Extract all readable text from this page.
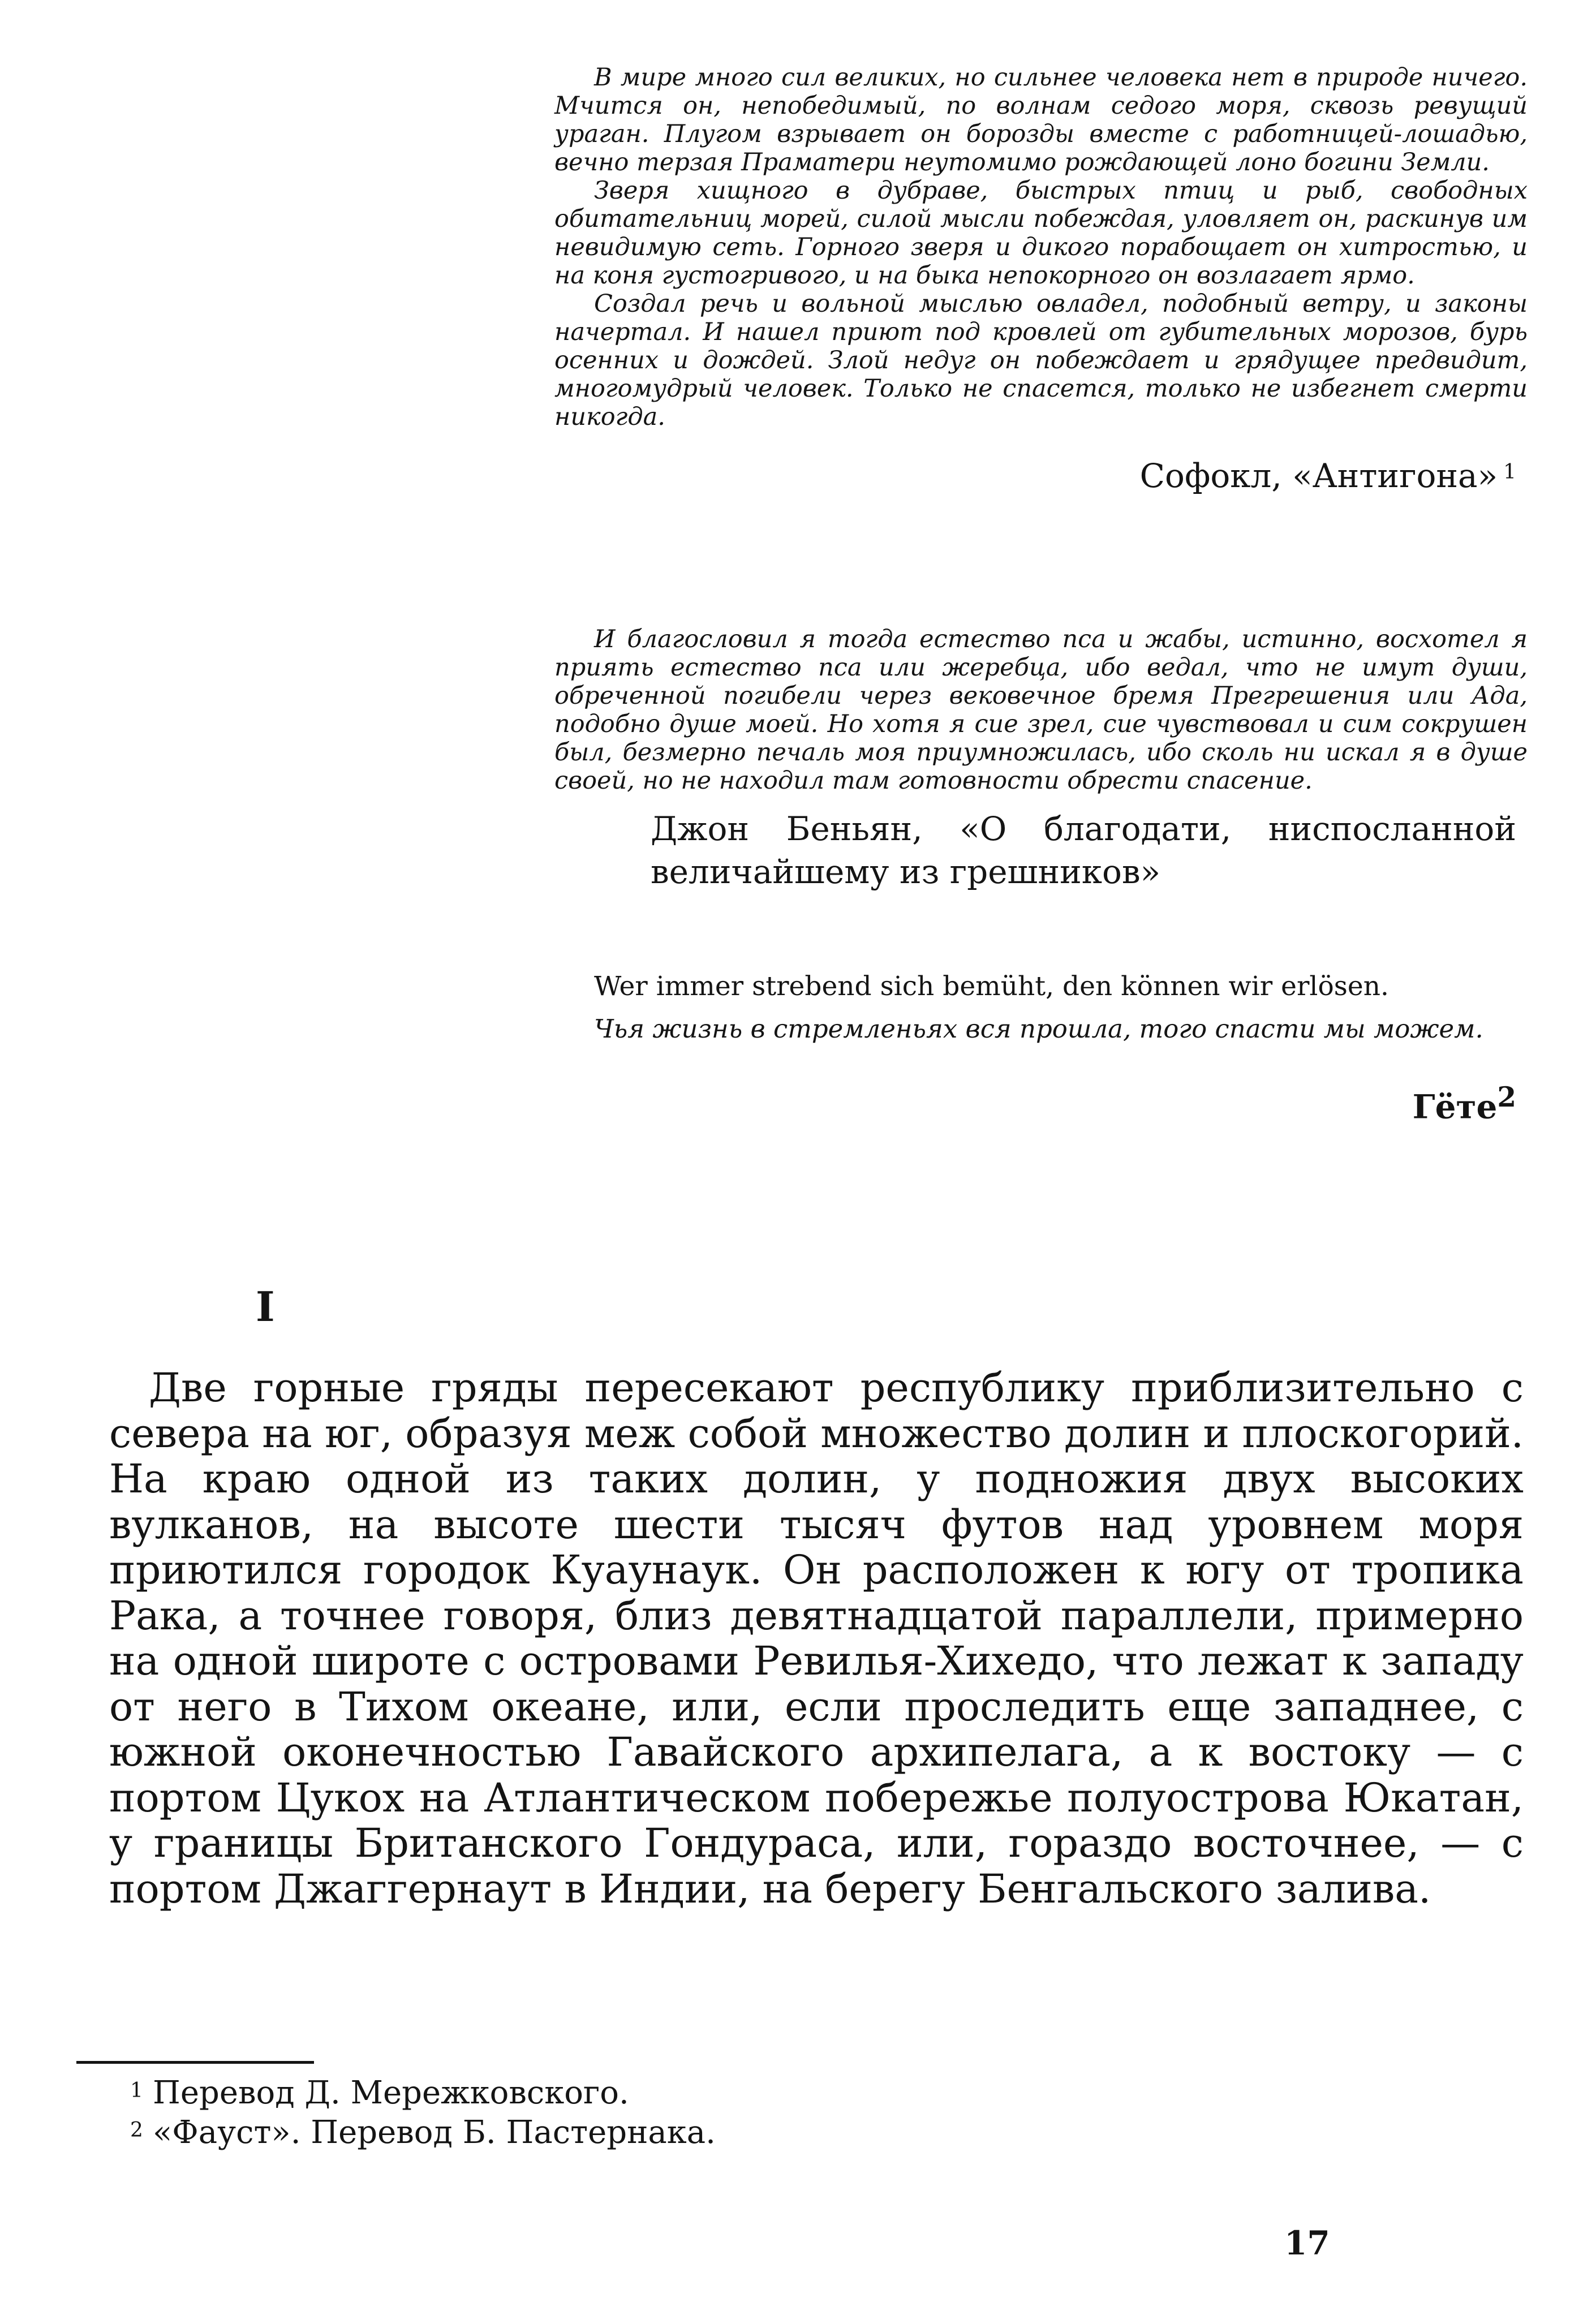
В мире много сил великих, но сильнее человека нет в природе ничего. Мчится он, непобедимый, по волнам седого моря, сквозь ревущий ураган. Плугом взрывает он борозды вместе с работницей-лошадью, вечно терзая Праматери неутомимо рождающей лоно богини Земли.

Зверя хищного в дубраве, быстрых птиц и рыб, свободных обитательниц морей, силой мысли побеждая, уловляет он, раскинув им невидимую сеть. Горного зверя и дикого порабощает он хитростью, и на коня густогривого, и на быка непокорного он возлагает ярмо.

Создал речь и вольной мыслью овладел, подобный ветру, и законы начертал. И нашел приют под кровлей от губительных морозов, бурь осенних и дождей. Злой недуг он побеждает и грядущее предвидит, многомудрый человек. Только не спасется, только не избегнет смерти никогда.

Софокл, «Антигона» $^1$

И благословил я тогда естество пса и жабы, истинно, восхотел я приять естество пса или жеребца, ибо ведал, что не имут души, обреченной погибели через вековечное бремя Прегрешения или Ада, подобно душе моей. Но хотя я сие зрел, сие чувствовал и сим сокрушен был, безмерно печаль моя приумножилась, ибо сколь ни искал я в душе своей, но не находил там готовности обрести спасение.

Джон Беньян, «О благодати, ниспосланной величайшему из грешников»

Wer immer strebend sich bemüht, den können wir erlösen.

Чья жизнь в стремленьях вся прошла, того спасти мы можем.

Гёте$^2$

I

Две горные гряды пересекают республику приблизительно с севера на юг, образуя меж собой множество долин и плоскогорий. На краю одной из таких долин, у подножия двух высоких вулканов, на высоте шести тысяч футов над уровнем моря приютился городок Куаунаук. Он расположен к югу от тропика Рака, а точнее говоря, близ девятнадцатой параллели, примерно на одной широте с островами Ревилья-Хихедо, что лежат к западу от него в Тихом океане, или, если проследить еще западнее, с южной оконечностью Гавайского архипелага, а к востоку — с портом Цукох на Атлантическом побережье полуострова Юкатан, у границы Британского Гондураса, или, гораздо восточнее, — с портом Джаггернаут в Индии, на берегу Бенгальского залива.

1 Перевод Д. Мережковского.

2 «Фауст». Перевод Б. Пастернака.

17
